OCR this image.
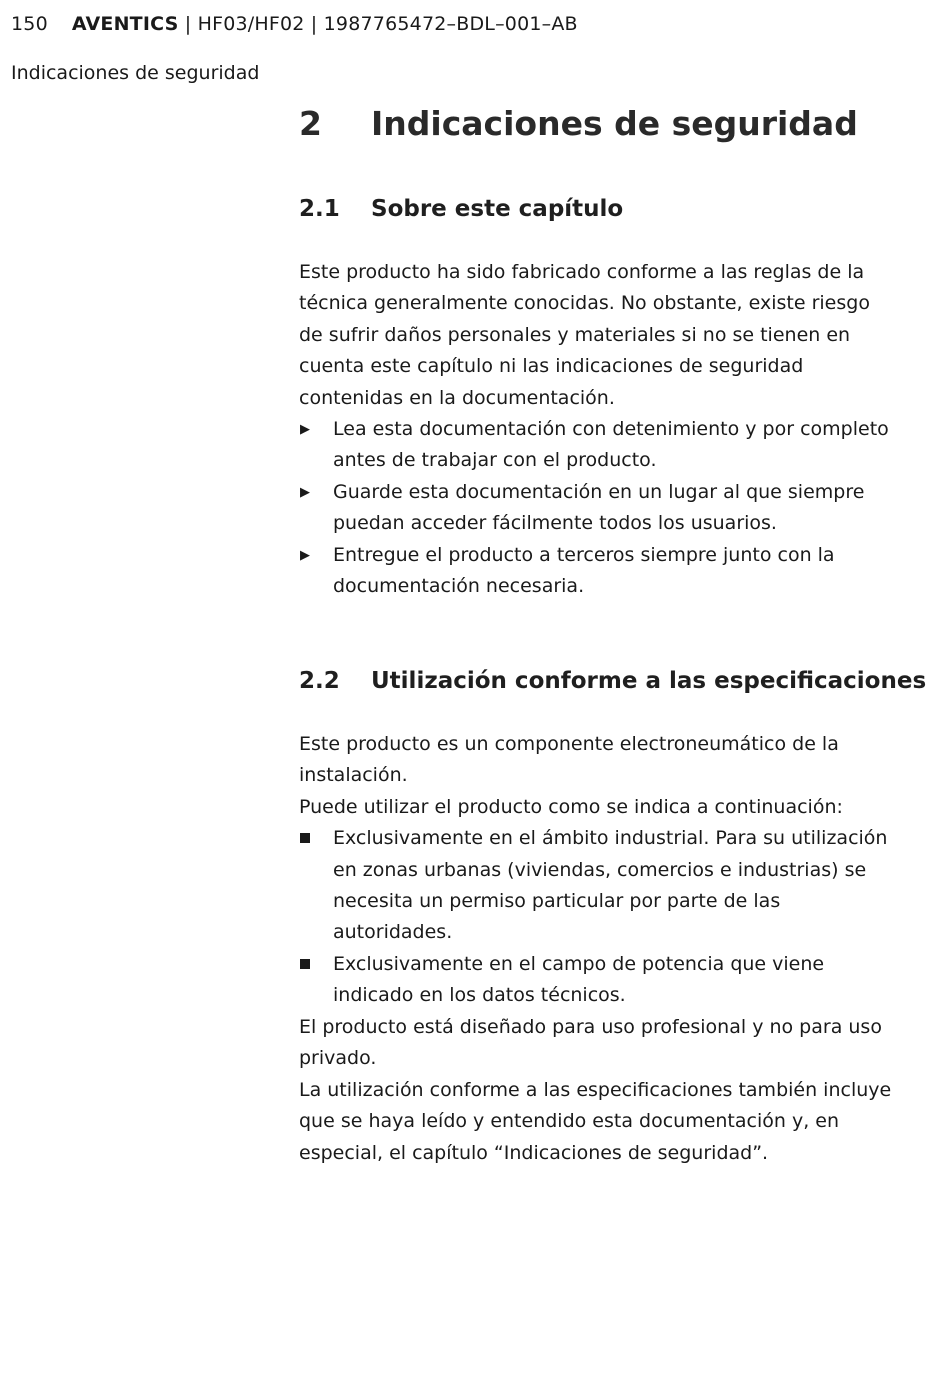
150 AVENTICS | HF03/HF02 | 1987765472–BDL–001–AB
Indicaciones de seguridad
2 Indicaciones de seguridad
2.1 Sobre este capítulo

Este producto ha sido fabricado conforme a las reglas de la técnica generalmente conocidas. No obstante, existe riesgo de sufrir daños personales y materiales si no se tienen en cuenta este capítulo ni las indicaciones de seguridad contenidas en la documentación.

▶ Lea esta documentación con detenimiento y por completo antes de trabajar con el producto.
▶ Guarde esta documentación en un lugar al que siempre puedan acceder fácilmente todos los usuarios.
▶ Entregue el producto a terceros siempre junto con la documentación necesaria.
2.2 Utilización conforme a las especificaciones

Este producto es un componente electroneumático de la instalación.

Puede utilizar el producto como se indica a continuación:

Exclusivamente en el ámbito industrial. Para su utilización en zonas urbanas (viviendas, comercios e industrias) se necesita un permiso particular por parte de las autoridades.
Exclusivamente en el campo de potencia que viene indicado en los datos técnicos.

El producto está diseñado para uso profesional y no para uso privado.

La utilización conforme a las especificaciones también incluye que se haya leído y entendido esta documentación y, en especial, el capítulo “Indicaciones de seguridad”.
